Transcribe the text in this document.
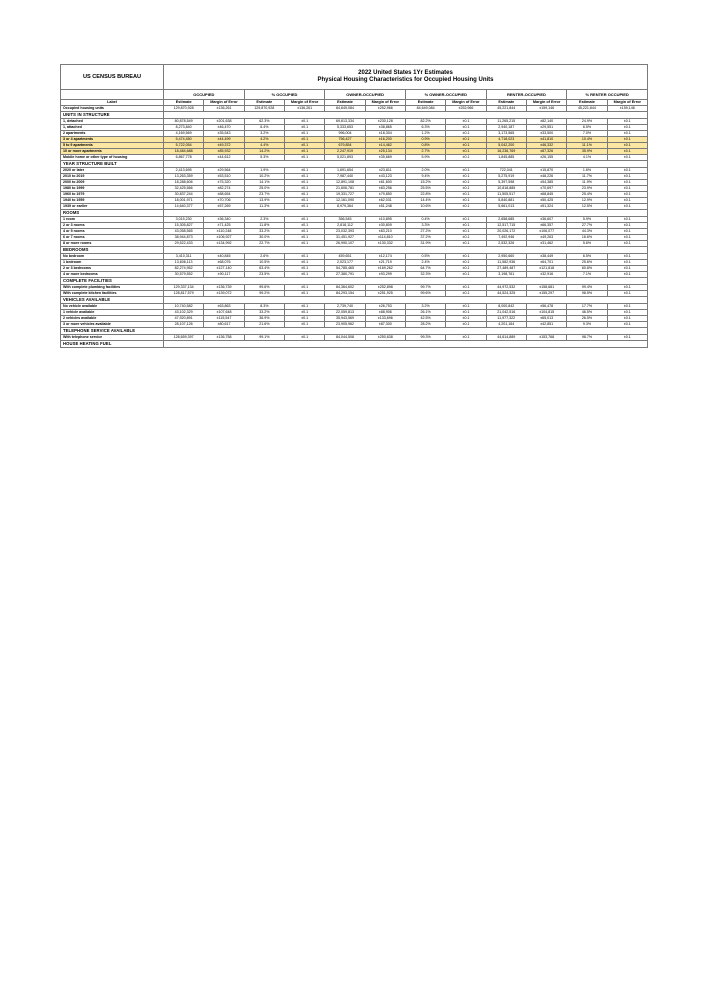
US CENSUS BUREAU	2022 United States 1Yr Estimates
Physical Housing Characteristics for Occupied Housing Units											

	OCCUPIED		% OCCUPIED		OWNER-OCCUPIED		% OWNER-OCCUPIED		RENTER-OCCUPIED		% RENTER OCCUPIED	
Label	Estimate	Margin of Error	Estimate	Margin of Error	Estimate	Margin of Error	Estimate	Margin of Error	Estimate	Margin of Error	Estimate	Margin of Error
Occupied housing units	129,870,928	±136,261	129,870,928	±136,261	84,649,084	±252,966	84,649,084	±252,966	45,221,844	±159,146	45,221,844	±159,146
UNITS IN STRUCTURE												
1, detached	80,878,549	±201,638	62.3%	±0.1	69,613,334	±230,128	82.2%	±0.1	11,265,215	±82,140	24.9%	±0.1
1, attached	8,273,840	±46,470	6.4%	±0.1	5,333,653	±38,865	6.3%	±0.1	2,940,187	±29,551	6.5%	±0.1
2 apartments	4,169,569	±35,543	3.2%	±0.1	996,004	±18,304	1.2%	±0.1	3,173,565	±33,500	7.0%	±0.1
3 or 4 apartments	5,474,450	±44,499	4.2%	±0.1	756,427	±16,200	0.9%	±0.1	4,718,023	±41,810	10.4%	±0.1
5 to 9 apartments	5,722,054	±49,372	4.4%	±0.1	679,854	±14,462	0.8%	±0.1	5,042,200	±46,332	11.1%	±0.1
10 or more apartments	18,484,688	±85,932	14.2%	±0.1	2,247,919	±25,134	2.7%	±0.1	16,236,769	±87,326	35.9%	±0.1
Mobile home or other type of housing	6,867,778	±44,612	5.3%	±0.1	5,021,893	±35,669	5.9%	±0.1	1,845,885	±26,155	4.1%	±0.1
YEAR STRUCTURE BUILT												
2020 or later	2,413,695	±29,564	1.9%	±0.1	1,691,654	±23,811	2.0%	±0.1	722,041	±15,870	1.6%	±0.1
2010 to 2019	13,263,359	±53,510	10.2%	±0.1	7,987,440	±43,123	9.4%	±0.1	5,275,919	±48,226	11.7%	±0.1
2000 to 2009	18,288,606	±75,320	14.1%	±0.1	12,891,108	±61,600	15.2%	±0.1	5,397,598	±54,385	11.9%	±0.1
1980 to 1999	32,425,566	±82,274	25.0%	±0.1	21,606,781	±83,256	25.5%	±0.1	10,818,885	±70,697	23.9%	±0.1
1960 to 1979	30,837,244	±88,654	23.7%	±0.1	19,331,727	±79,850	22.8%	±0.1	11,505,517	±68,845	25.4%	±0.1
1940 to 1959	18,001,971	±70,706	13.9%	±0.1	12,161,090	±62,031	14.4%	±0.1	5,840,881	±50,425	12.9%	±0.1
1939 or earlier	14,640,377	±57,269	11.3%	±0.1	8,979,364	±51,248	10.6%	±0.1	5,661,013	±51,324	12.5%	±0.1
ROOMS												
1 room	3,015,230	±36,340	2.3%	±0.1	356,545	±10,895	0.4%	±0.1	2,658,685	±36,607	5.9%	±0.1
2 or 3 rooms	15,305,827	±71,425	11.8%	±0.1	2,818,112	±30,809	3.3%	±0.1	12,517,715	±66,357	27.7%	±0.1
4 or 5 rooms	43,058,565	±110,248	33.2%	±0.1	23,032,393	±83,210	27.2%	±0.1	20,026,172	±106,077	44.3%	±0.1
6 or 7 rooms	38,944,873	±106,927	30.0%	±0.1	31,451,927	±114,810	37.2%	±0.1	7,492,946	±49,263	16.6%	±0.1
8 or more rooms	29,522,433	±134,992	22.7%	±0.1	26,990,107	±130,332	31.9%	±0.1	2,532,326	±31,462	5.6%	±0.1
BEDROOMS												
No bedroom	3,410,311	±40,845	2.6%	±0.1	459,651	±12,174	0.5%	±0.1	2,950,660	±38,449	6.5%	±0.1
1 bedroom	13,606,113	±68,076	10.5%	±0.1	2,023,177	±21,719	2.4%	±0.1	11,582,936	±64,701	25.6%	±0.1
2 or 3 bedrooms	82,274,952	±127,140	63.4%	±0.1	54,785,465	±169,262	64.7%	±0.1	27,489,487	±121,818	60.8%	±0.1
4 or more bedrooms	30,579,552	±90,117	23.5%	±0.1	27,380,791	±93,299	32.3%	±0.1	3,198,761	±32,916	7.1%	±0.1
COMPLETE FACILITIES												
With complete plumbing facilities	129,337,134	±136,739	99.6%	±0.1	84,364,602	±252,898	99.7%	±0.1	44,972,532	±158,681	99.4%	±0.1
With complete kitchen facilities	128,817,579	±139,072	99.2%	±0.1	84,293,154	±251,925	99.6%	±0.1	44,524,325	±155,297	98.5%	±0.1
VEHICLES AVAILABLE												
No vehicle available	10,740,582	±63,863	8.3%	±0.1	2,739,740	±26,753	3.2%	±0.1	8,000,842	±56,478	17.7%	±0.1
1 vehicle available	43,102,329	±107,648	33.2%	±0.1	22,059,813	±88,906	26.1%	±0.1	21,042,516	±104,815	46.5%	±0.1
2 vehicles available	47,920,891	±115,547	36.9%	±0.1	35,943,569	±133,696	42.5%	±0.1	11,977,322	±65,013	26.5%	±0.1
3 or more vehicles available	28,107,126	±80,617	21.6%	±0.1	23,905,962	±87,300	28.2%	±0.1	4,201,164	±42,851	9.3%	±0.1
TELEPHONE SERVICE AVAILABLE												
With telephone service	128,659,397	±136,758	99.1%	±0.1	84,044,508	±250,638	99.3%	±0.1	44,614,889	±153,768	98.7%	±0.1
HOUSE HEATING FUEL												
